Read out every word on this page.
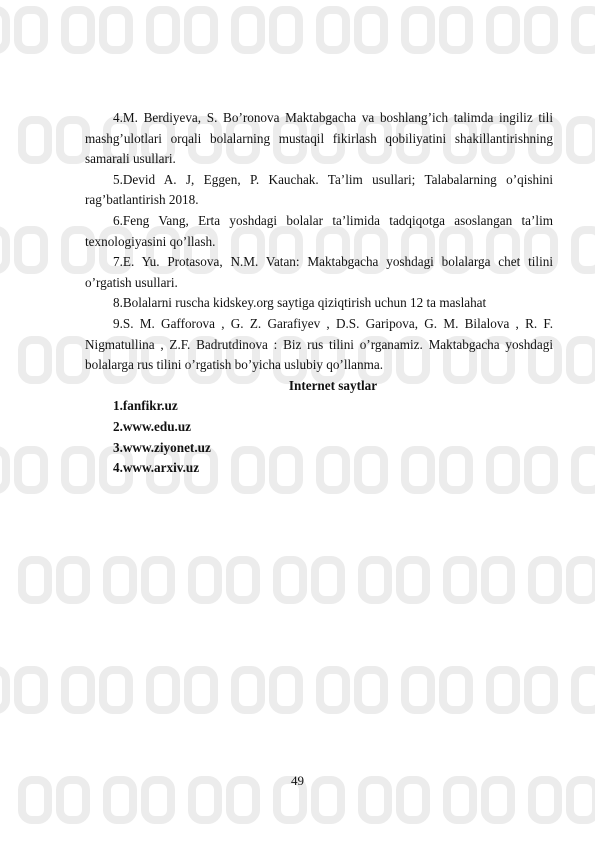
4.M. Berdiyeva, S. Bo’ronova Maktabgacha va boshlang’ich talimda ingiliz tili mashg’ulotlari orqali bolalarning mustaqil fikirlash qobiliyatini shakillantirishning samarali usullari.

5.Devid A. J, Eggen, P. Kauchak. Ta’lim usullari; Talabalarning o’qishini rag’batlantirish 2018.

6.Feng Vang, Erta yoshdagi bolalar ta’limida tadqiqotga asoslangan ta’lim texnologiyasini qo’llash.

7.E. Yu. Protasova, N.M. Vatan: Maktabgacha yoshdagi bolalarga chet tilini o’rgatish usullari.

8.Bolalarni ruscha kidskey.org saytiga qiziqtirish uchun 12 ta maslahat

9.S. M. Gafforova , G. Z. Garafiyev , D.S. Garipova, G. M. Bilalova , R. F. Nigmatullina , Z.F. Badrutdinova : Biz rus tilini o’rganamiz. Maktabgacha yoshdagi bolalarga rus tilini o’rgatish bo’yicha uslubiy qo’llanma.

Internet saytlar

1.fanfikr.uz

2.www.edu.uz

3.www.ziyonet.uz

4.www.arxiv.uz

49
